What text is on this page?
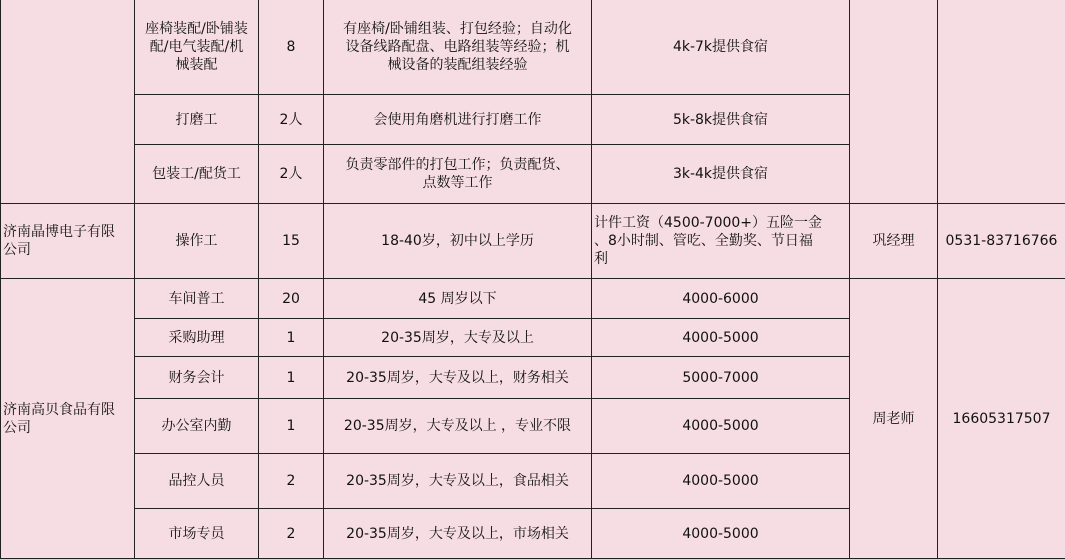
	座椅装配/卧铺装
配/电气装配/机
械装配	8	有座椅/卧铺组装、打包经验；自动化
设备线路配盘、电路组装等经验；机
械设备的装配组装经验	4k-7k提供食宿		
	打磨工	2人	会使用角磨机进行打磨工作	5k-8k提供食宿		
	包装工/配货工	2人	负责零部件的打包工作；负责配货、
点数等工作	3k-4k提供食宿		
济南晶博电子有限
公司	操作工	15	18-40岁，初中以上学历	计件工资（4500-7000+）五险一金
、8小时制、管吃、全勤奖、节日福
利	巩经理	0531-83716766
济南高贝食品有限
公司	车间普工	20	45 周岁以下	4000-6000	周老师	16605317507
	采购助理	1	20-35周岁，大专及以上	4000-5000		
	财务会计	1	20-35周岁，大专及以上，财务相关	5000-7000		
	办公室内勤	1	20-35周岁，大专及以上 ，专业不限	4000-5000		
	品控人员	2	20-35周岁，大专及以上，食品相关	4000-5000		
	市场专员	2	20-35周岁，大专及以上，市场相关	4000-5000		
